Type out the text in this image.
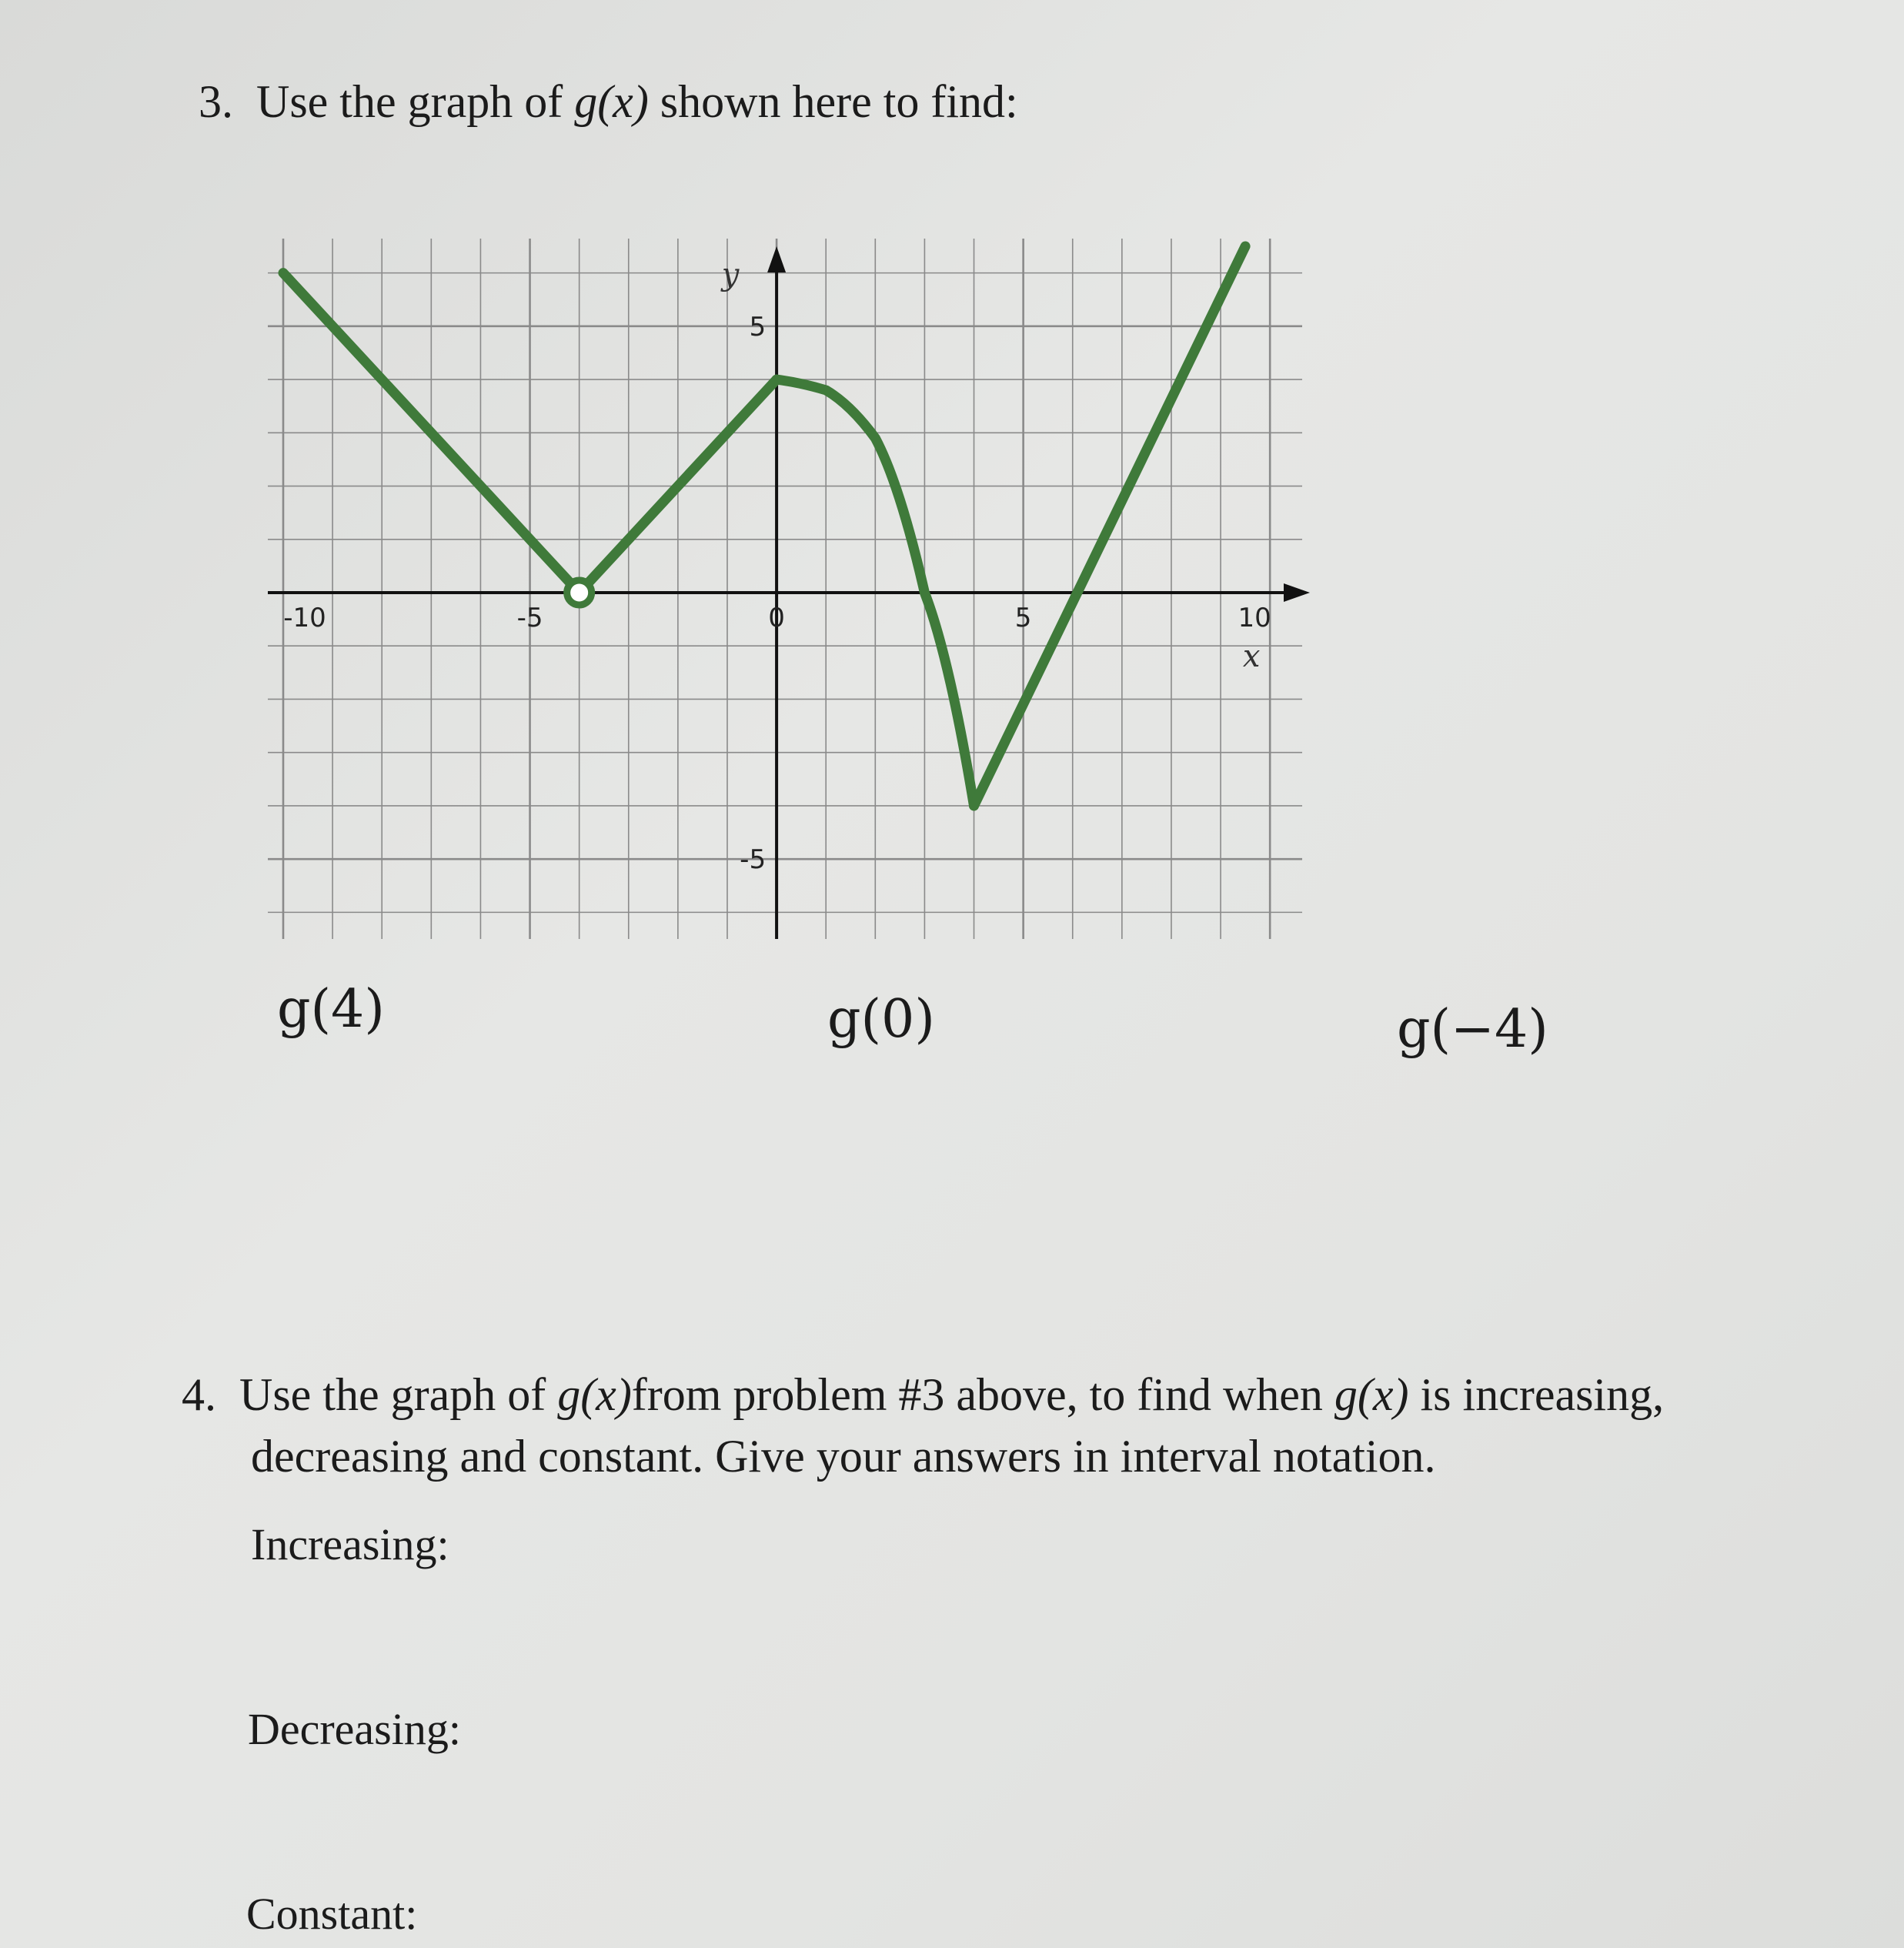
3. Use the graph of g(x) shown here to find:
-10	-5	0	5	10
5
-5
x
y
g(4)	g(0)	g(−4)
4. Use the graph of g(x)from problem #3 above, to find when g(x) is increasing,
decreasing and constant. Give your answers in interval notation.
Increasing:
Decreasing:
Constant:
